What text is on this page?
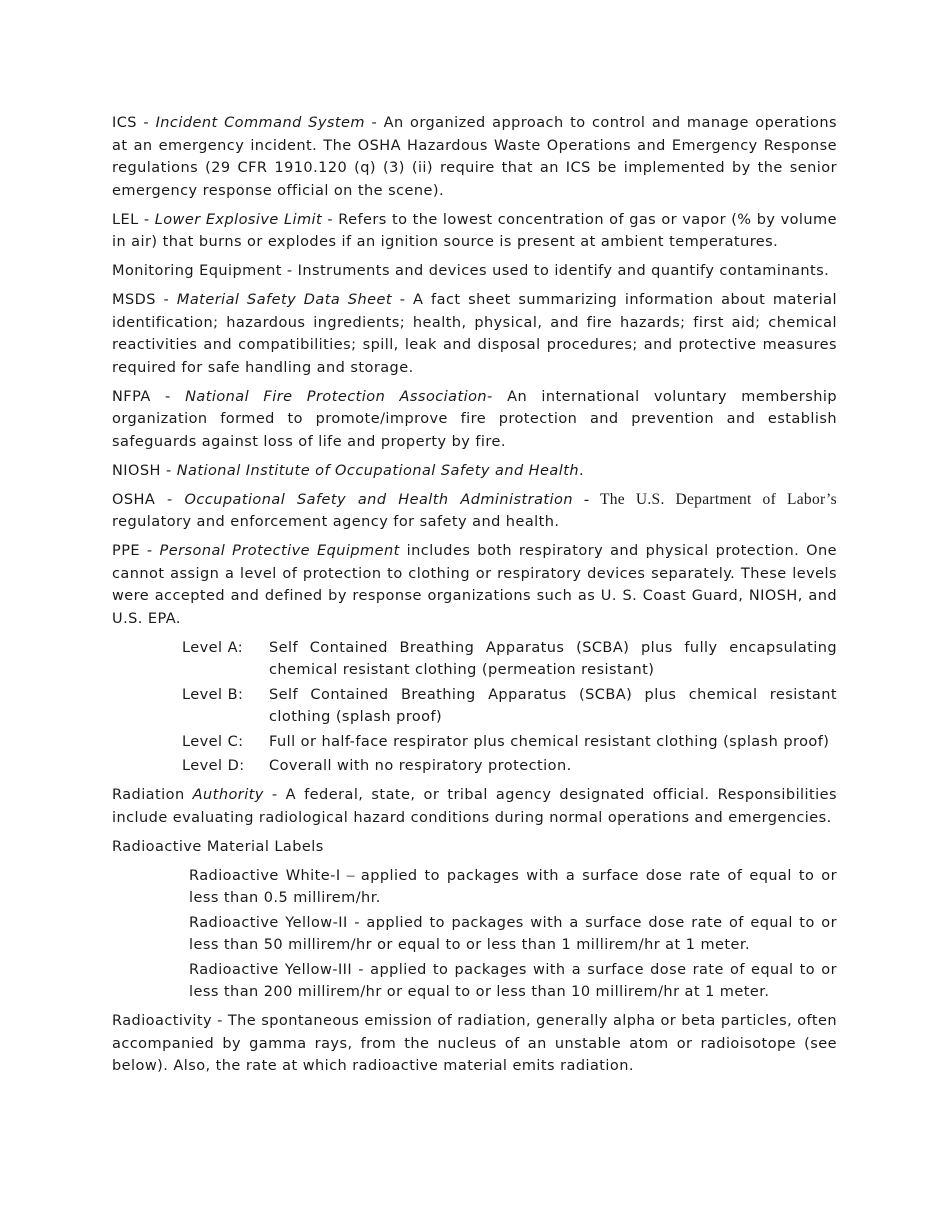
ICS - Incident Command System - An organized approach to control and manage operations at an emergency incident. The OSHA Hazardous Waste Operations and Emergency Response regulations (29 CFR 1910.120 (q) (3) (ii) require that an ICS be implemented by the senior emergency response official on the scene).

LEL - Lower Explosive Limit - Refers to the lowest concentration of gas or vapor (% by volume in air) that burns or explodes if an ignition source is present at ambient temperatures.

Monitoring Equipment - Instruments and devices used to identify and quantify contaminants.

MSDS - Material Safety Data Sheet - A fact sheet summarizing information about material identification; hazardous ingredients; health, physical, and fire hazards; first aid; chemical reactivities and compatibilities; spill, leak and disposal procedures; and protective measures required for safe handling and storage.

NFPA - National Fire Protection Association- An international voluntary membership organization formed to promote/improve fire protection and prevention and establish safeguards against loss of life and property by fire.

NIOSH - National Institute of Occupational Safety and Health.

OSHA - Occupational Safety and Health Administration - The U.S. Department of Labor’s regulatory and enforcement agency for safety and health.

PPE - Personal Protective Equipment includes both respiratory and physical protection. One cannot assign a level of protection to clothing or respiratory devices separately. These levels were accepted and defined by response organizations such as U. S. Coast Guard, NIOSH, and U.S. EPA.

Level A:	Self Contained Breathing Apparatus (SCBA) plus fully encapsulating chemical resistant clothing (permeation resistant)
Level B:	Self Contained Breathing Apparatus (SCBA) plus chemical resistant clothing (splash proof)
Level C:	Full or half-face respirator plus chemical resistant clothing (splash proof)
Level D:	Coverall with no respiratory protection.

Radiation Authority - A federal, state, or tribal agency designated official. Responsibilities include evaluating radiological hazard conditions during normal operations and emergencies.

Radioactive Material Labels

Radioactive White-I – applied to packages with a surface dose rate of equal to or less than 0.5 millirem/hr.
Radioactive Yellow-II - applied to packages with a surface dose rate of equal to or less than 50 millirem/hr or equal to or less than 1 millirem/hr at 1 meter.
Radioactive Yellow-III - applied to packages with a surface dose rate of equal to or less than 200 millirem/hr or equal to or less than 10 millirem/hr at 1 meter.

Radioactivity - The spontaneous emission of radiation, generally alpha or beta particles, often accompanied by gamma rays, from the nucleus of an unstable atom or radioisotope (see below). Also, the rate at which radioactive material emits radiation.
